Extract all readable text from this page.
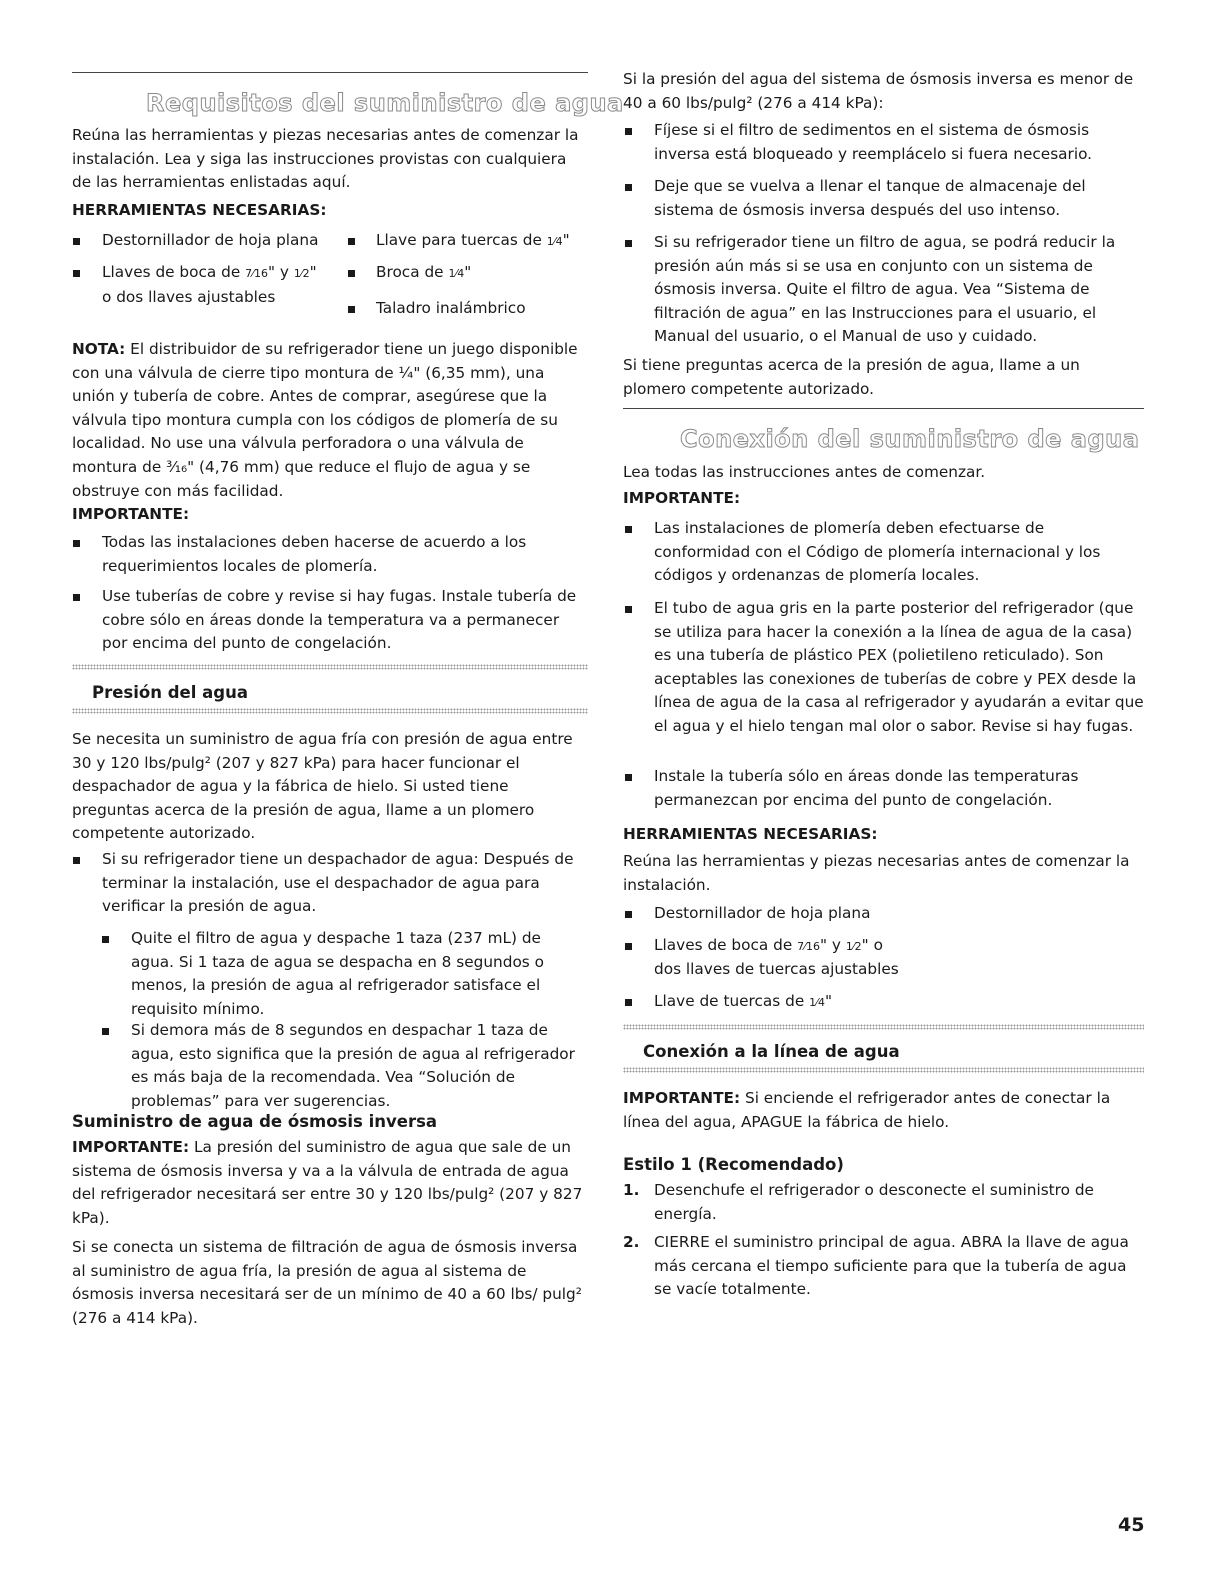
Requisitos del suministro de agua

Reúna las herramientas y piezas necesarias antes de comenzar la instalación. Lea y siga las instrucciones provistas con cualquiera de las herramientas enlistadas aquí.

HERRAMIENTAS NECESARIAS:
Destornillador de hoja plana	Llave para tuercas de 1⁄4"
Llaves de boca de 7⁄16" y 1⁄2"
o dos llaves ajustables
Broca de 1⁄4"
Taladro inalámbrico

NOTA: El distribuidor de su refrigerador tiene un juego disponible con una válvula de cierre tipo montura de ¼" (6,35 mm), una unión y tubería de cobre. Antes de comprar, asegúrese que la válvula tipo montura cumpla con los códigos de plomería de su localidad. No use una válvula perforadora o una válvula de montura de ³⁄₁₆" (4,76 mm) que reduce el flujo de agua y se obstruye con más facilidad.

IMPORTANTE:

Todas las instalaciones deben hacerse de acuerdo a los requerimientos locales de plomería.

Use tuberías de cobre y revise si hay fugas. Instale tubería de cobre sólo en áreas donde la temperatura va a permanecer por encima del punto de congelación.

Presión del agua

Se necesita un suministro de agua fría con presión de agua entre 30 y 120 lbs/pulg² (207 y 827 kPa) para hacer funcionar el despachador de agua y la fábrica de hielo. Si usted tiene preguntas acerca de la presión de agua, llame a un plomero competente autorizado.

Si su refrigerador tiene un despachador de agua: Después de terminar la instalación, use el despachador de agua para verificar la presión de agua.

Quite el filtro de agua y despache 1 taza (237 mL) de agua. Si 1 taza de agua se despacha en 8 segundos o menos, la presión de agua al refrigerador satisface el requisito mínimo.

Si demora más de 8 segundos en despachar 1 taza de agua, esto significa que la presión de agua al refrigerador es más baja de la recomendada. Vea “Solución de problemas” para ver sugerencias.

Suministro de agua de ósmosis inversa

IMPORTANTE: La presión del suministro de agua que sale de un sistema de ósmosis inversa y va a la válvula de entrada de agua del refrigerador necesitará ser entre 30 y 120 lbs/pulg² (207 y 827 kPa).

Si se conecta un sistema de filtración de agua de ósmosis inversa al suministro de agua fría, la presión de agua al sistema de ósmosis inversa necesitará ser de un mínimo de 40 a 60 lbs/ pulg² (276 a 414 kPa).

Si la presión del agua del sistema de ósmosis inversa es menor de 40 a 60 lbs/pulg² (276 a 414 kPa):

Fíjese si el filtro de sedimentos en el sistema de ósmosis inversa está bloqueado y reemplácelo si fuera necesario.

Deje que se vuelva a llenar el tanque de almacenaje del sistema de ósmosis inversa después del uso intenso.

Si su refrigerador tiene un filtro de agua, se podrá reducir la presión aún más si se usa en conjunto con un sistema de ósmosis inversa. Quite el filtro de agua. Vea “Sistema de filtración de agua” en las Instrucciones para el usuario, el Manual del usuario, o el Manual de uso y cuidado.

Si tiene preguntas acerca de la presión de agua, llame a un plomero competente autorizado.

Conexión del suministro de agua

Lea todas las instrucciones antes de comenzar.

IMPORTANTE:

Las instalaciones de plomería deben efectuarse de conformidad con el Código de plomería internacional y los códigos y ordenanzas de plomería locales.

El tubo de agua gris en la parte posterior del refrigerador (que se utiliza para hacer la conexión a la línea de agua de la casa) es una tubería de plástico PEX (polietileno reticulado). Son aceptables las conexiones de tuberías de cobre y PEX desde la línea de agua de la casa al refrigerador y ayudarán a evitar que el agua y el hielo tengan mal olor o sabor. Revise si hay fugas.

Instale la tubería sólo en áreas donde las temperaturas permanezcan por encima del punto de congelación.

HERRAMIENTAS NECESARIAS:

Reúna las herramientas y piezas necesarias antes de comenzar la instalación.

Destornillador de hoja plana
Llaves de boca de 7⁄16" y 1⁄2" o
dos llaves de tuercas ajustables
Llave de tuercas de 1⁄4"
Conexión a la línea de agua

IMPORTANTE: Si enciende el refrigerador antes de conectar la línea del agua, APAGUE la fábrica de hielo.

Estilo 1 (Recomendado)
1. Desenchufe el refrigerador o desconecte el suministro de energía.

2. CIERRE el suministro principal de agua. ABRA la llave de agua más cercana el tiempo suficiente para que la tubería de agua se vacíe totalmente.

45
